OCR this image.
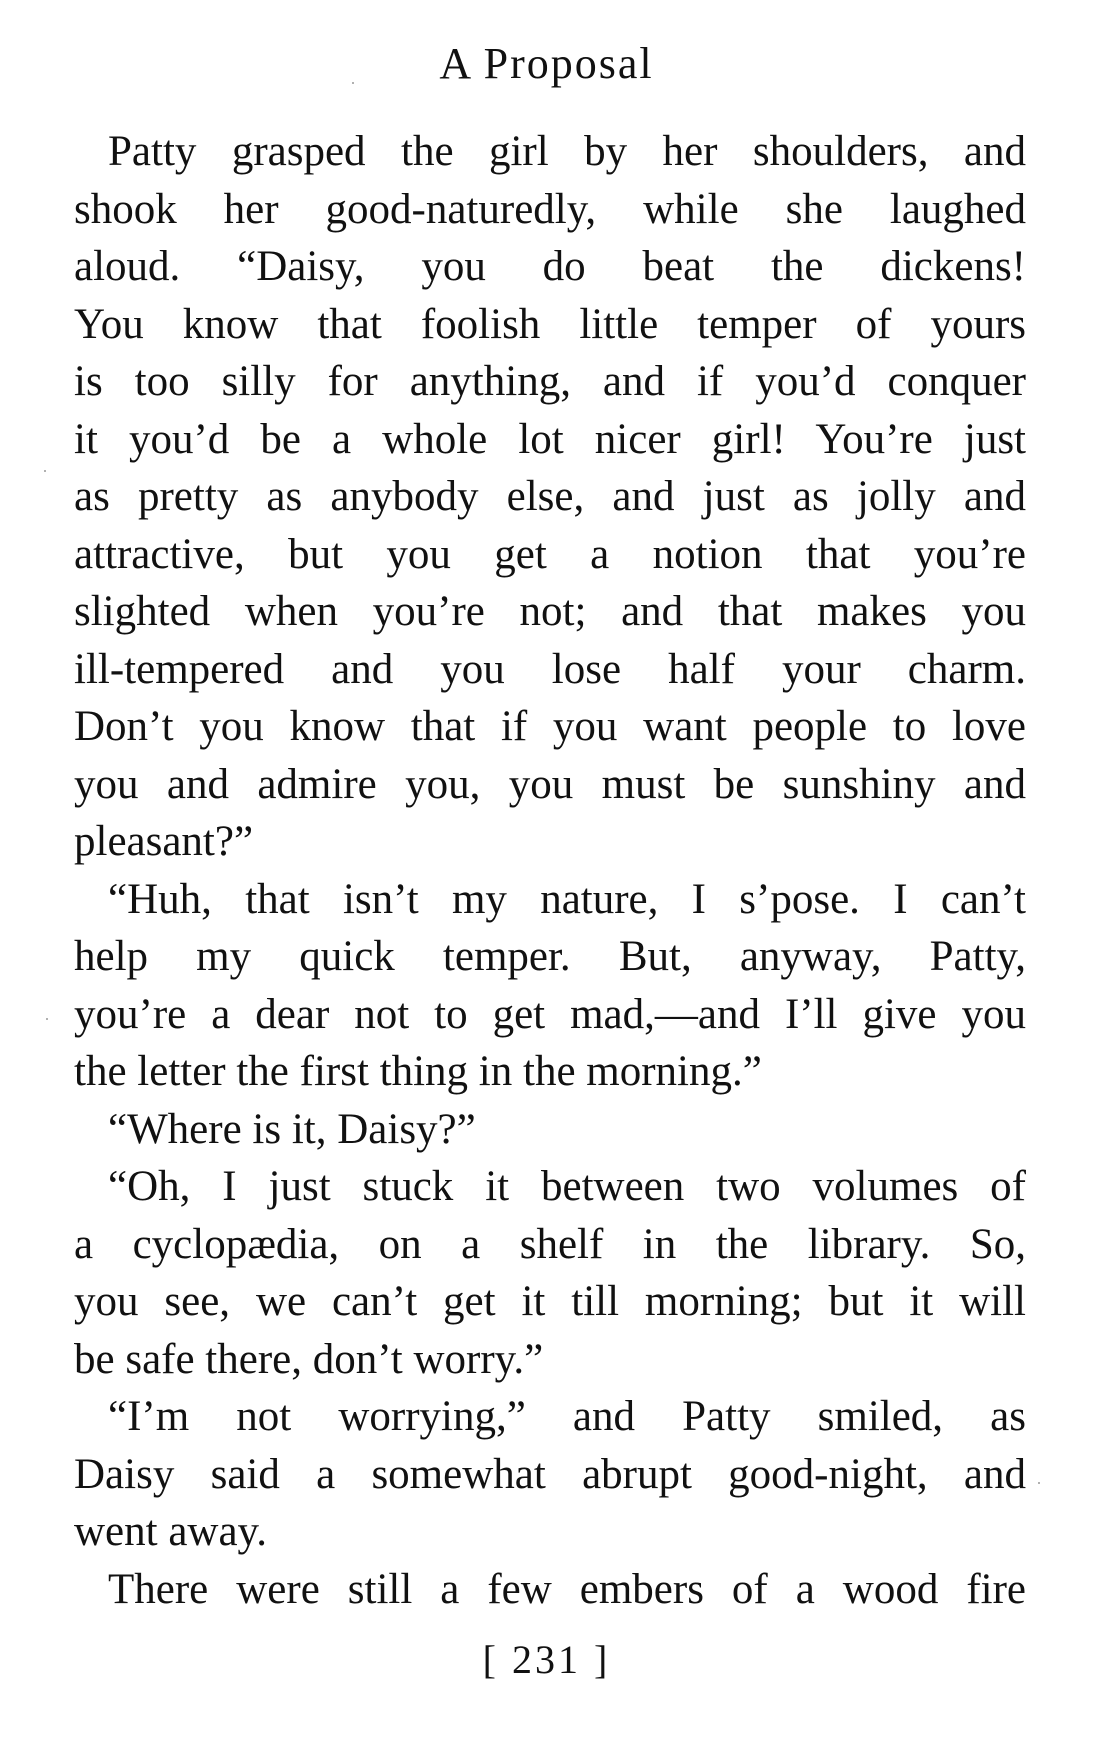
A Proposal
Patty grasped the girl by her shoulders, and
shook her good-naturedly, while she laughed
aloud. “Daisy, you do beat the dickens!
You know that foolish little temper of yours
is too silly for anything, and if you’d conquer
it you’d be a whole lot nicer girl! You’re just
as pretty as anybody else, and just as jolly and
attractive, but you get a notion that you’re
slighted when you’re not; and that makes you
ill-tempered and you lose half your charm.
Don’t you know that if you want people to love
you and admire you, you must be sunshiny and
pleasant?”
“Huh, that isn’t my nature, I s’pose. I can’t
help my quick temper. But, anyway, Patty,
you’re a dear not to get mad,—and I’ll give you
the letter the first thing in the morning.”
“Where is it, Daisy?”
“Oh, I just stuck it between two volumes of
a cyclopædia, on a shelf in the library. So,
you see, we can’t get it till morning; but it will
be safe there, don’t worry.”
“I’m not worrying,” and Patty smiled, as
Daisy said a somewhat abrupt good-night, and
went away.
There were still a few embers of a wood fire
[ 231 ]
